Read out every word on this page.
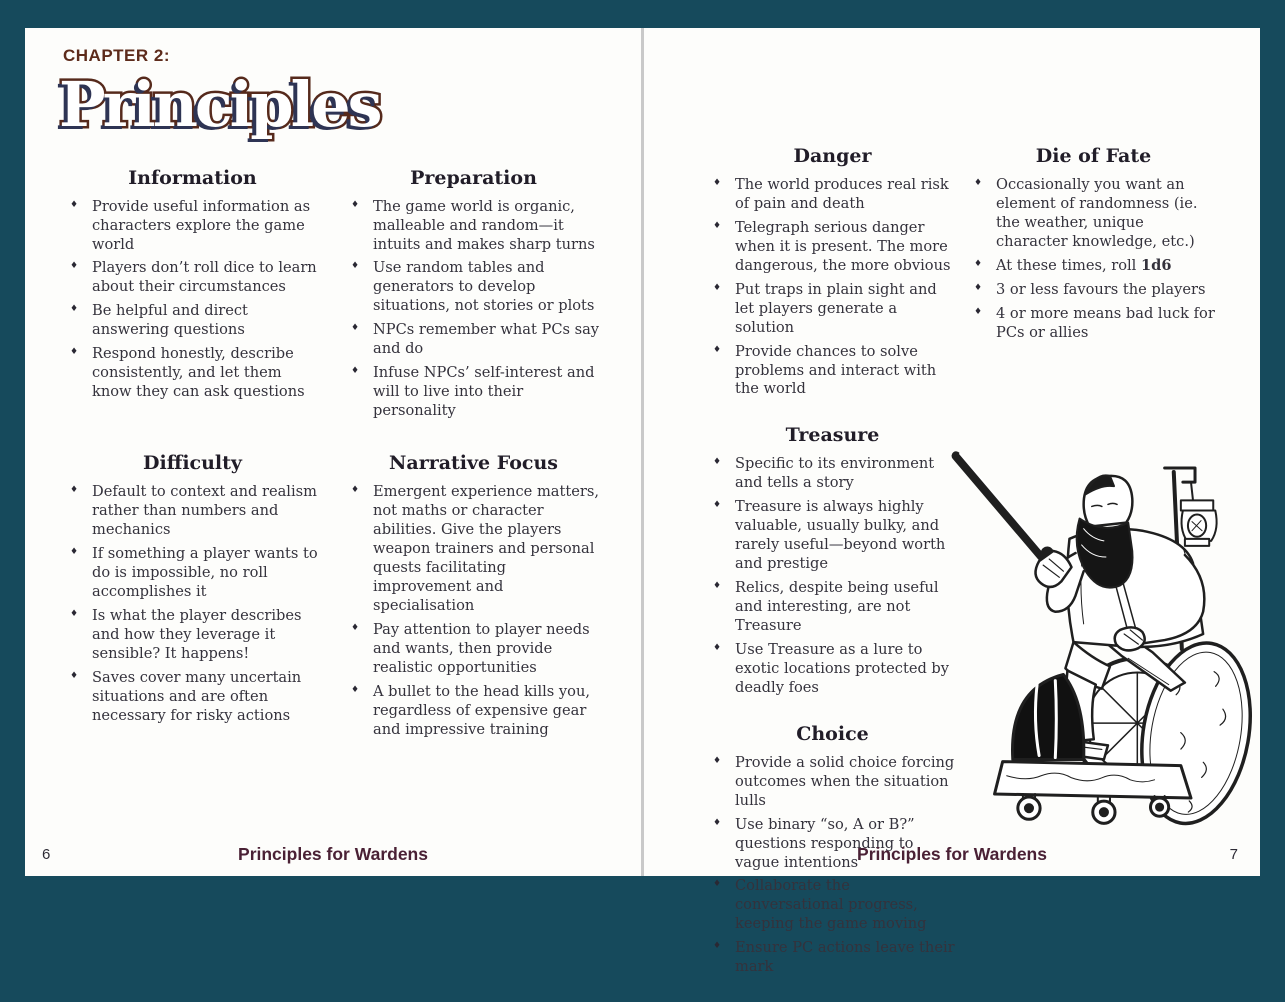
CHAPTER 2:
Principles
Information
♦ Provide useful information as characters explore the game world
♦ Players don’t roll dice to learn about their circumstances
♦ Be helpful and direct answering questions
♦ Respond honestly, describe consistently, and let them know they can ask questions
Preparation
♦ The game world is organic, malleable and random—it intuits and makes sharp turns
♦ Use random tables and generators to develop situations, not stories or plots
♦ NPCs remember what PCs say and do
♦ Infuse NPCs’ self-interest and will to live into their personality
Difficulty
♦ Default to context and realism rather than numbers and mechanics
♦ If something a player wants to do is impossible, no roll accomplishes it
♦ Is what the player describes and how they leverage it sensible? It happens!
♦ Saves cover many uncertain situations and are often necessary for risky actions
Narrative Focus
♦ Emergent experience matters, not maths or character abilities. Give the players weapon trainers and personal quests facilitating improvement and specialisation
♦ Pay attention to player needs and wants, then provide realistic opportunities
♦ A bullet to the head kills you, regardless of expensive gear and impressive training
Principles for Wardens
6
Danger
♦ The world produces real risk of pain and death
♦ Telegraph serious danger when it is present. The more dangerous, the more obvious
♦ Put traps in plain sight and let players generate a solution
♦ Provide chances to solve problems and interact with the world
Treasure
♦ Specific to its environment and tells a story
♦ Treasure is always highly valuable, usually bulky, and rarely useful—beyond worth and prestige
♦ Relics, despite being useful and interesting, are not Treasure
♦ Use Treasure as a lure to exotic locations protected by deadly foes
Choice
♦ Provide a solid choice forcing outcomes when the situation lulls
♦ Use binary “so, A or B?” questions responding to vague intentions
♦ Collaborate the conversational progress, keeping the game moving
♦ Ensure PC actions leave their mark
Die of Fate
♦ Occasionally you want an element of randomness (ie. the weather, unique character knowledge, etc.)
♦ At these times, roll 1d6
♦ 3 or less favours the players
♦ 4 or more means bad luck for PCs or allies
Principles for Wardens	7
